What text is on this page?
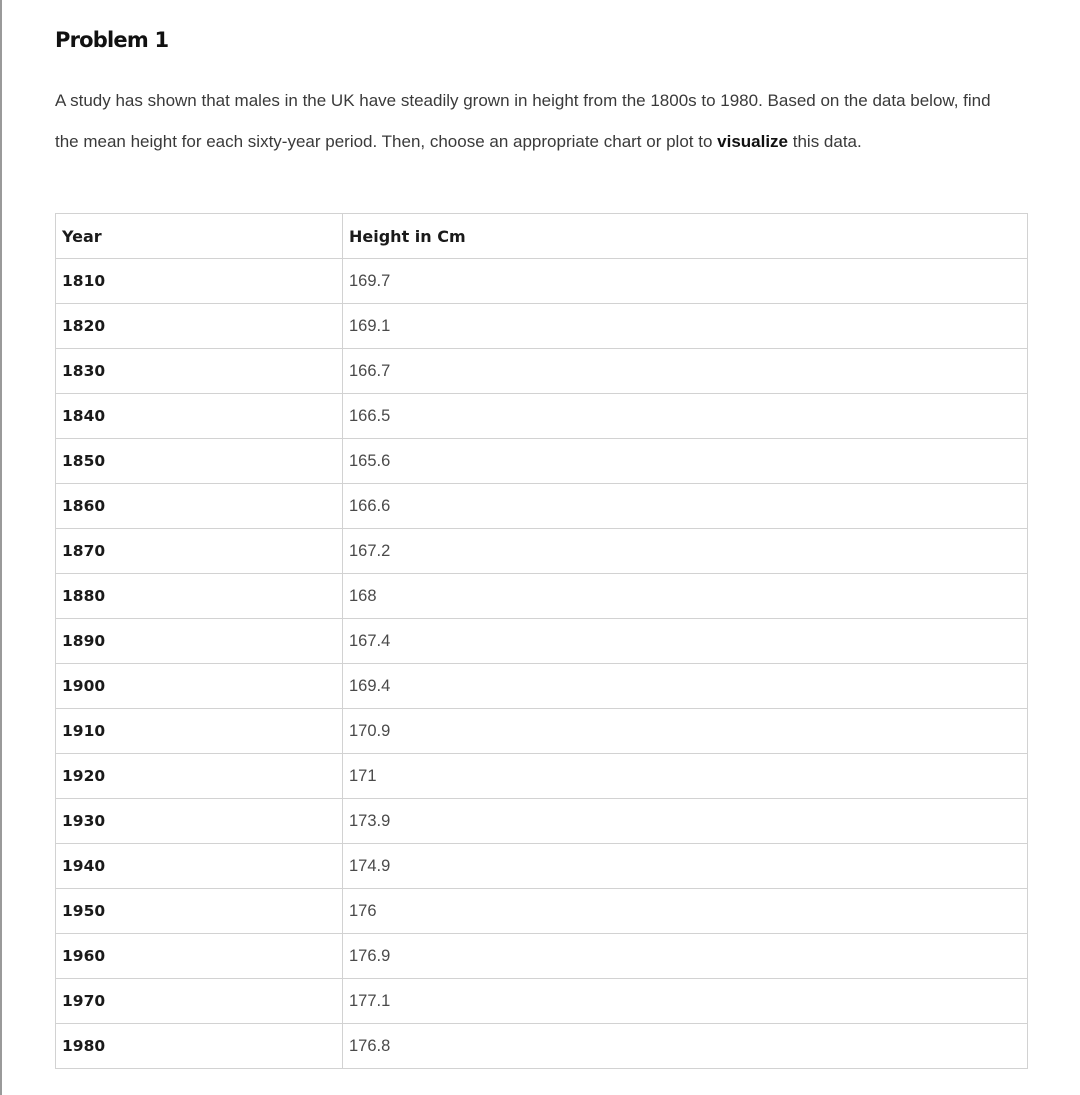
Problem 1

A study has shown that males in the UK have steadily grown in height from the 1800s to 1980. Based on the data below, find the mean height for each sixty-year period. Then, choose an appropriate chart or plot to visualize this data.

Year	Height in Cm
1810	169.7
1820	169.1
1830	166.7
1840	166.5
1850	165.6
1860	166.6
1870	167.2
1880	168
1890	167.4
1900	169.4
1910	170.9
1920	171
1930	173.9
1940	174.9
1950	176
1960	176.9
1970	177.1
1980	176.8
